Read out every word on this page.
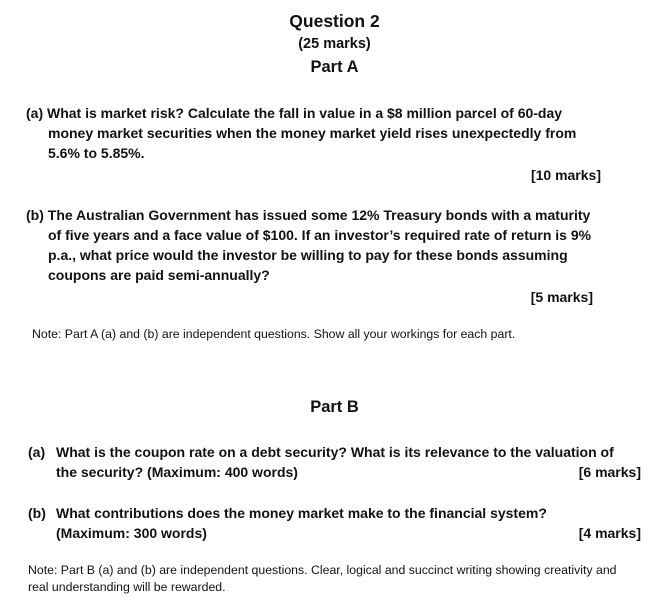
Question 2
(25 marks)
Part A
(a) What is market risk? Calculate the fall in value in a $8 million parcel of 60-day
money market securities when the money market yield rises unexpectedly from
5.6% to 5.85%.
[10 marks]
(b) The Australian Government has issued some 12% Treasury bonds with a maturity
of five years and a face value of $100. If an investor’s required rate of return is 9%
p.a., what price would the investor be willing to pay for these bonds assuming
coupons are paid semi-annually?
[5 marks]
Note: Part A (a) and (b) are independent questions. Show all your workings for each part.
Part B
(a) What is the coupon rate on a debt security? What is its relevance to the valuation of
the security? (Maximum: 400 words)	[6 marks]
(b) What contributions does the money market make to the financial system?
(Maximum: 300 words)	[4 marks]
Note: Part B (a) and (b) are independent questions. Clear, logical and succinct writing showing creativity and
real understanding will be rewarded.
